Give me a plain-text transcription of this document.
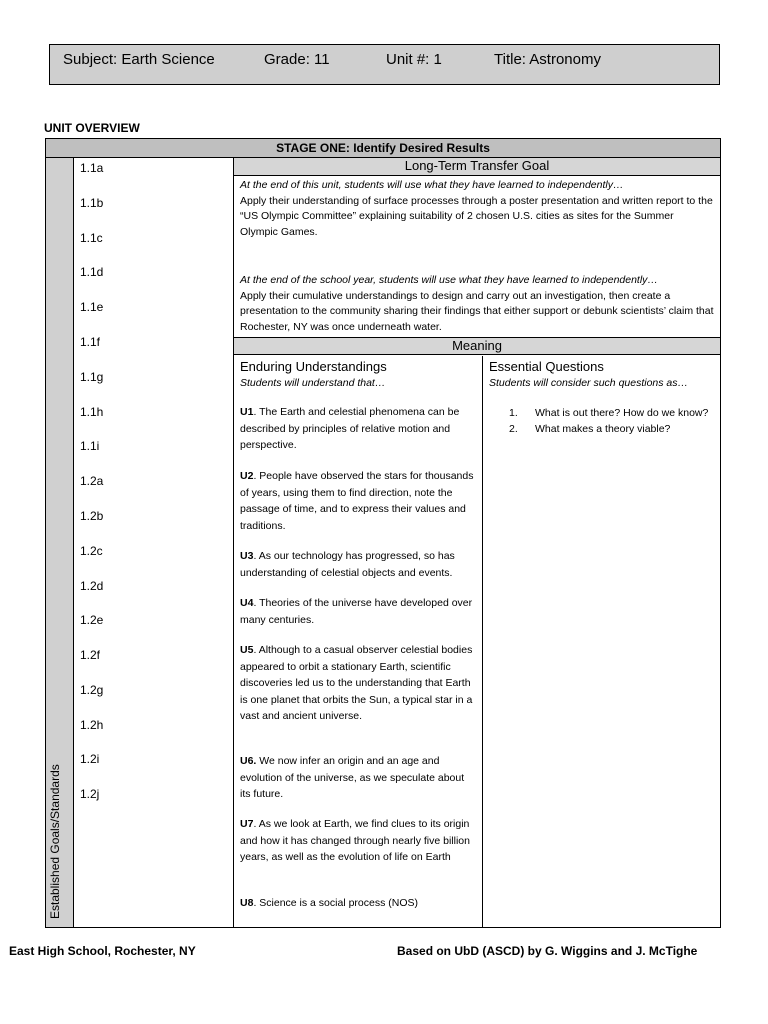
Subject: Earth Science	Grade: 11	Unit #: 1	Title: Astronomy
UNIT OVERVIEW
STAGE ONE: Identify Desired Results
Established Goals/Standards
1.1a
1.1b
1.1c
1.1d
1.1e
1.1f
1.1g
1.1h
1.1i
1.2a
1.2b
1.2c
1.2d
1.2e
1.2f
1.2g
1.2h
1.2i
1.2j
Long-Term Transfer Goal
At the end of this unit, students will use what they have learned to independently…
Apply their understanding of surface processes through a poster presentation and written report to the “US Olympic Committee” explaining suitability of 2 chosen U.S. cities as sites for the Summer Olympic Games.
At the end of the school year, students will use what they have learned to independently…
Apply their cumulative understandings to design and carry out an investigation, then create a presentation to the community sharing their findings that either support or debunk scientists’ claim that Rochester, NY was once underneath water.
Meaning
Enduring Understandings
Students will understand that…
U1. The Earth and celestial phenomena can be described by principles of relative motion and perspective.
U2. People have observed the stars for thousands of years, using them to find direction, note the passage of time, and to express their values and traditions.
U3. As our technology has progressed, so has understanding of celestial objects and events.
U4. Theories of the universe have developed over many centuries.
U5. Although to a casual observer celestial bodies appeared to orbit a stationary Earth, scientific discoveries led us to the understanding that Earth is one planet that orbits the Sun, a typical star in a vast and ancient universe.
U6. We now infer an origin and an age and evolution of the universe, as we speculate about its future.
U7. As we look at Earth, we find clues to its origin and how it has changed through nearly five billion years, as well as the evolution of life on Earth
U8. Science is a social process (NOS)
Essential Questions
Students will consider such questions as…
1. What is out there? How do we know?
2. What makes a theory viable?
East High School, Rochester, NY	Based on UbD (ASCD) by G. Wiggins and J. McTighe
